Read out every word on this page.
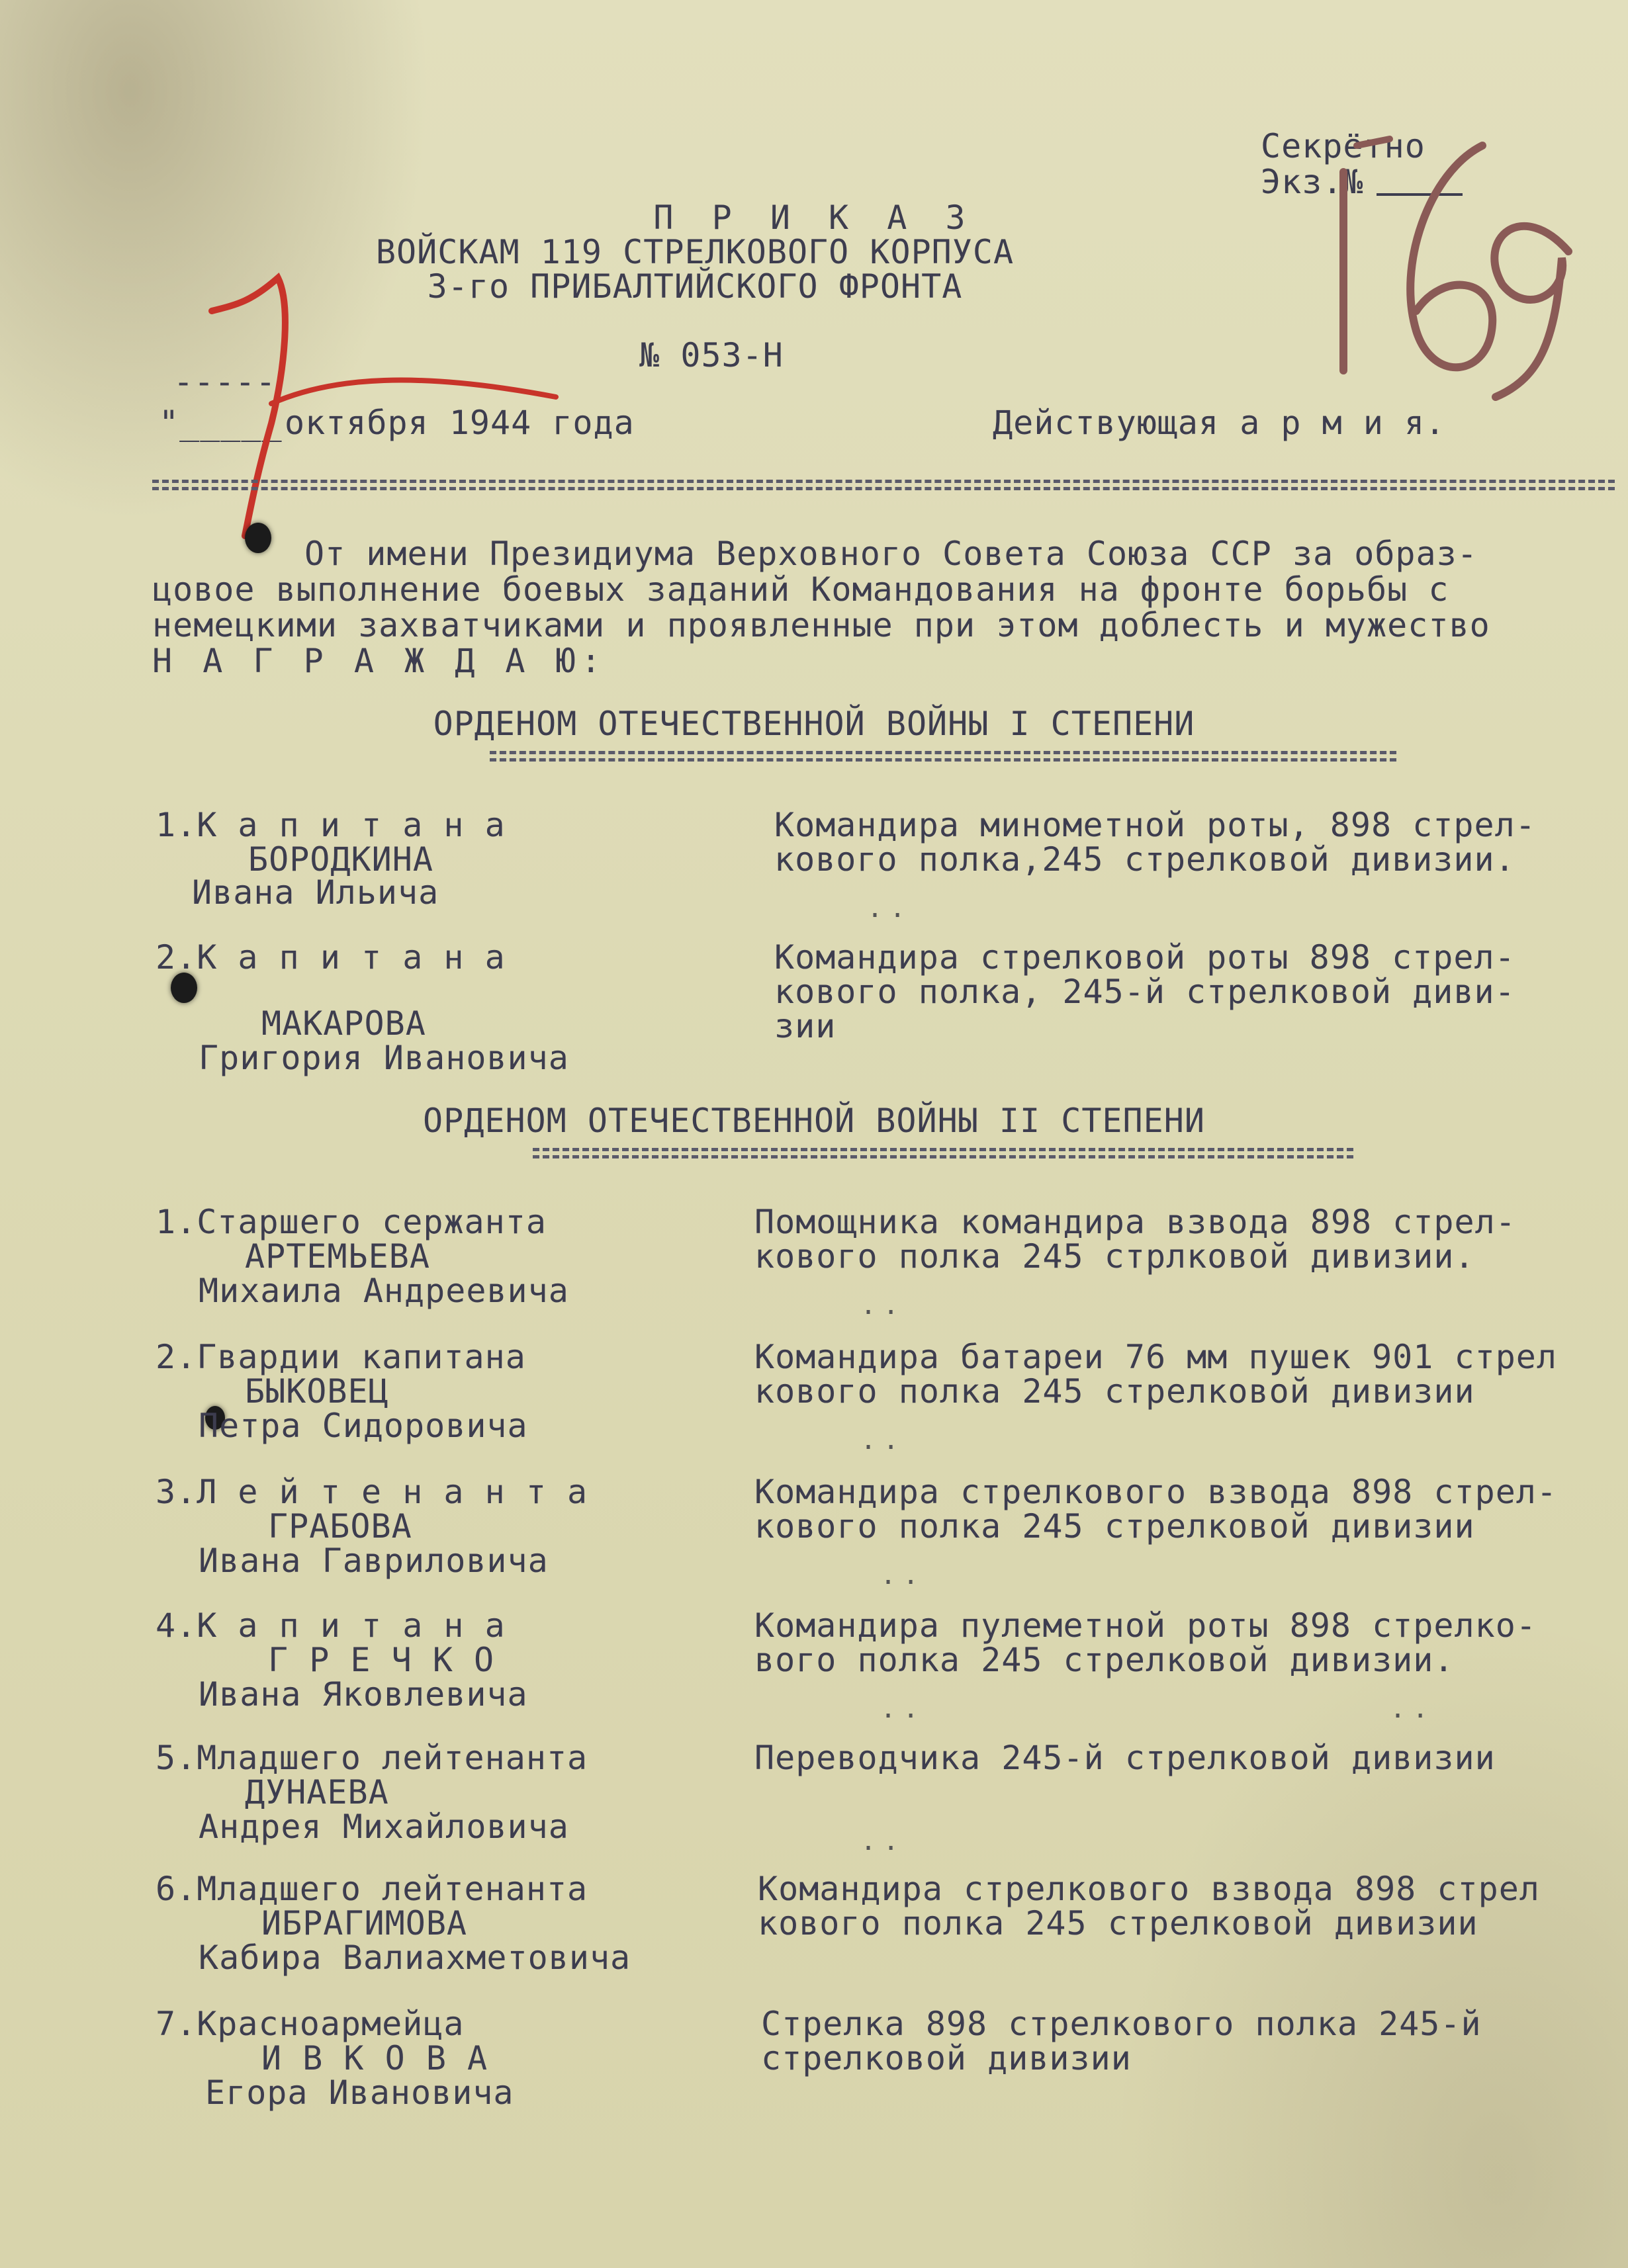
Секрётно
Экз.№
П Р И К А З
ВОЙСКАМ 119 СТРЕЛКОВОГО КОРПУСА
3-го ПРИБАЛТИЙСКОГО ФРОНТА
№ 053-Н
-----
"_____ октября 1944 года	Действующая а р м и я.
От имени Президиума Верховного Совета Союза ССР за образ-
цовое выполнение боевых заданий Командования на фронте борьбы с
немецкими захватчиками и проявленные при этом доблесть и мужество
Н А Г Р А Ж Д А Ю:
ОРДЕНОМ ОТЕЧЕСТВЕННОЙ ВОЙНЫ I СТЕПЕНИ
1.К а п и т а н а
БОРОДКИНА
Ивана Ильича
Командира минометной роты, 898 стрел-
кового полка,245 стрелковой дивизии.
..
2.К а п и т а н а
МАКАРОВА
Григория Ивановича
Командира стрелковой роты 898 стрел-
кового полка, 245-й стрелковой диви-
зии
ОРДЕНОМ ОТЕЧЕСТВЕННОЙ ВОЙНЫ II СТЕПЕНИ
1.Старшего сержанта
АРТЕМЬЕВА
Михаила Андреевича
Помощника командира взвода 898 стрел-
кового полка 245 стрлковой дивизии.
..
2.Гвардии капитана
БЫКОВЕЦ
Петра Сидоровича
Командира батареи 76 мм пушек 901 стрел
кового полка 245 стрелковой дивизии
..
3.Л е й т е н а н т а
ГРАБОВА
Ивана Гавриловича
Командира стрелкового взвода 898 стрел-
кового полка 245 стрелковой дивизии
..
4.К а п и т а н а
Г Р Е Ч К О
Ивана Яковлевича
Командира пулеметной роты 898 стрелко-
вого полка 245 стрелковой дивизии.
..	..
5.Младшего лейтенанта
ДУНАЕВА
Андрея Михайловича
Переводчика 245-й стрелковой дивизии
..
6.Младшего лейтенанта
ИБРАГИМОВА
Кабира Валиахметовича
Командира стрелкового взвода 898 стрел
кового полка 245 стрелковой дивизии
7.Красноармейца
И В К О В А
Егора Ивановича
Стрелка 898 стрелкового полка 245-й
стрелковой дивизии
